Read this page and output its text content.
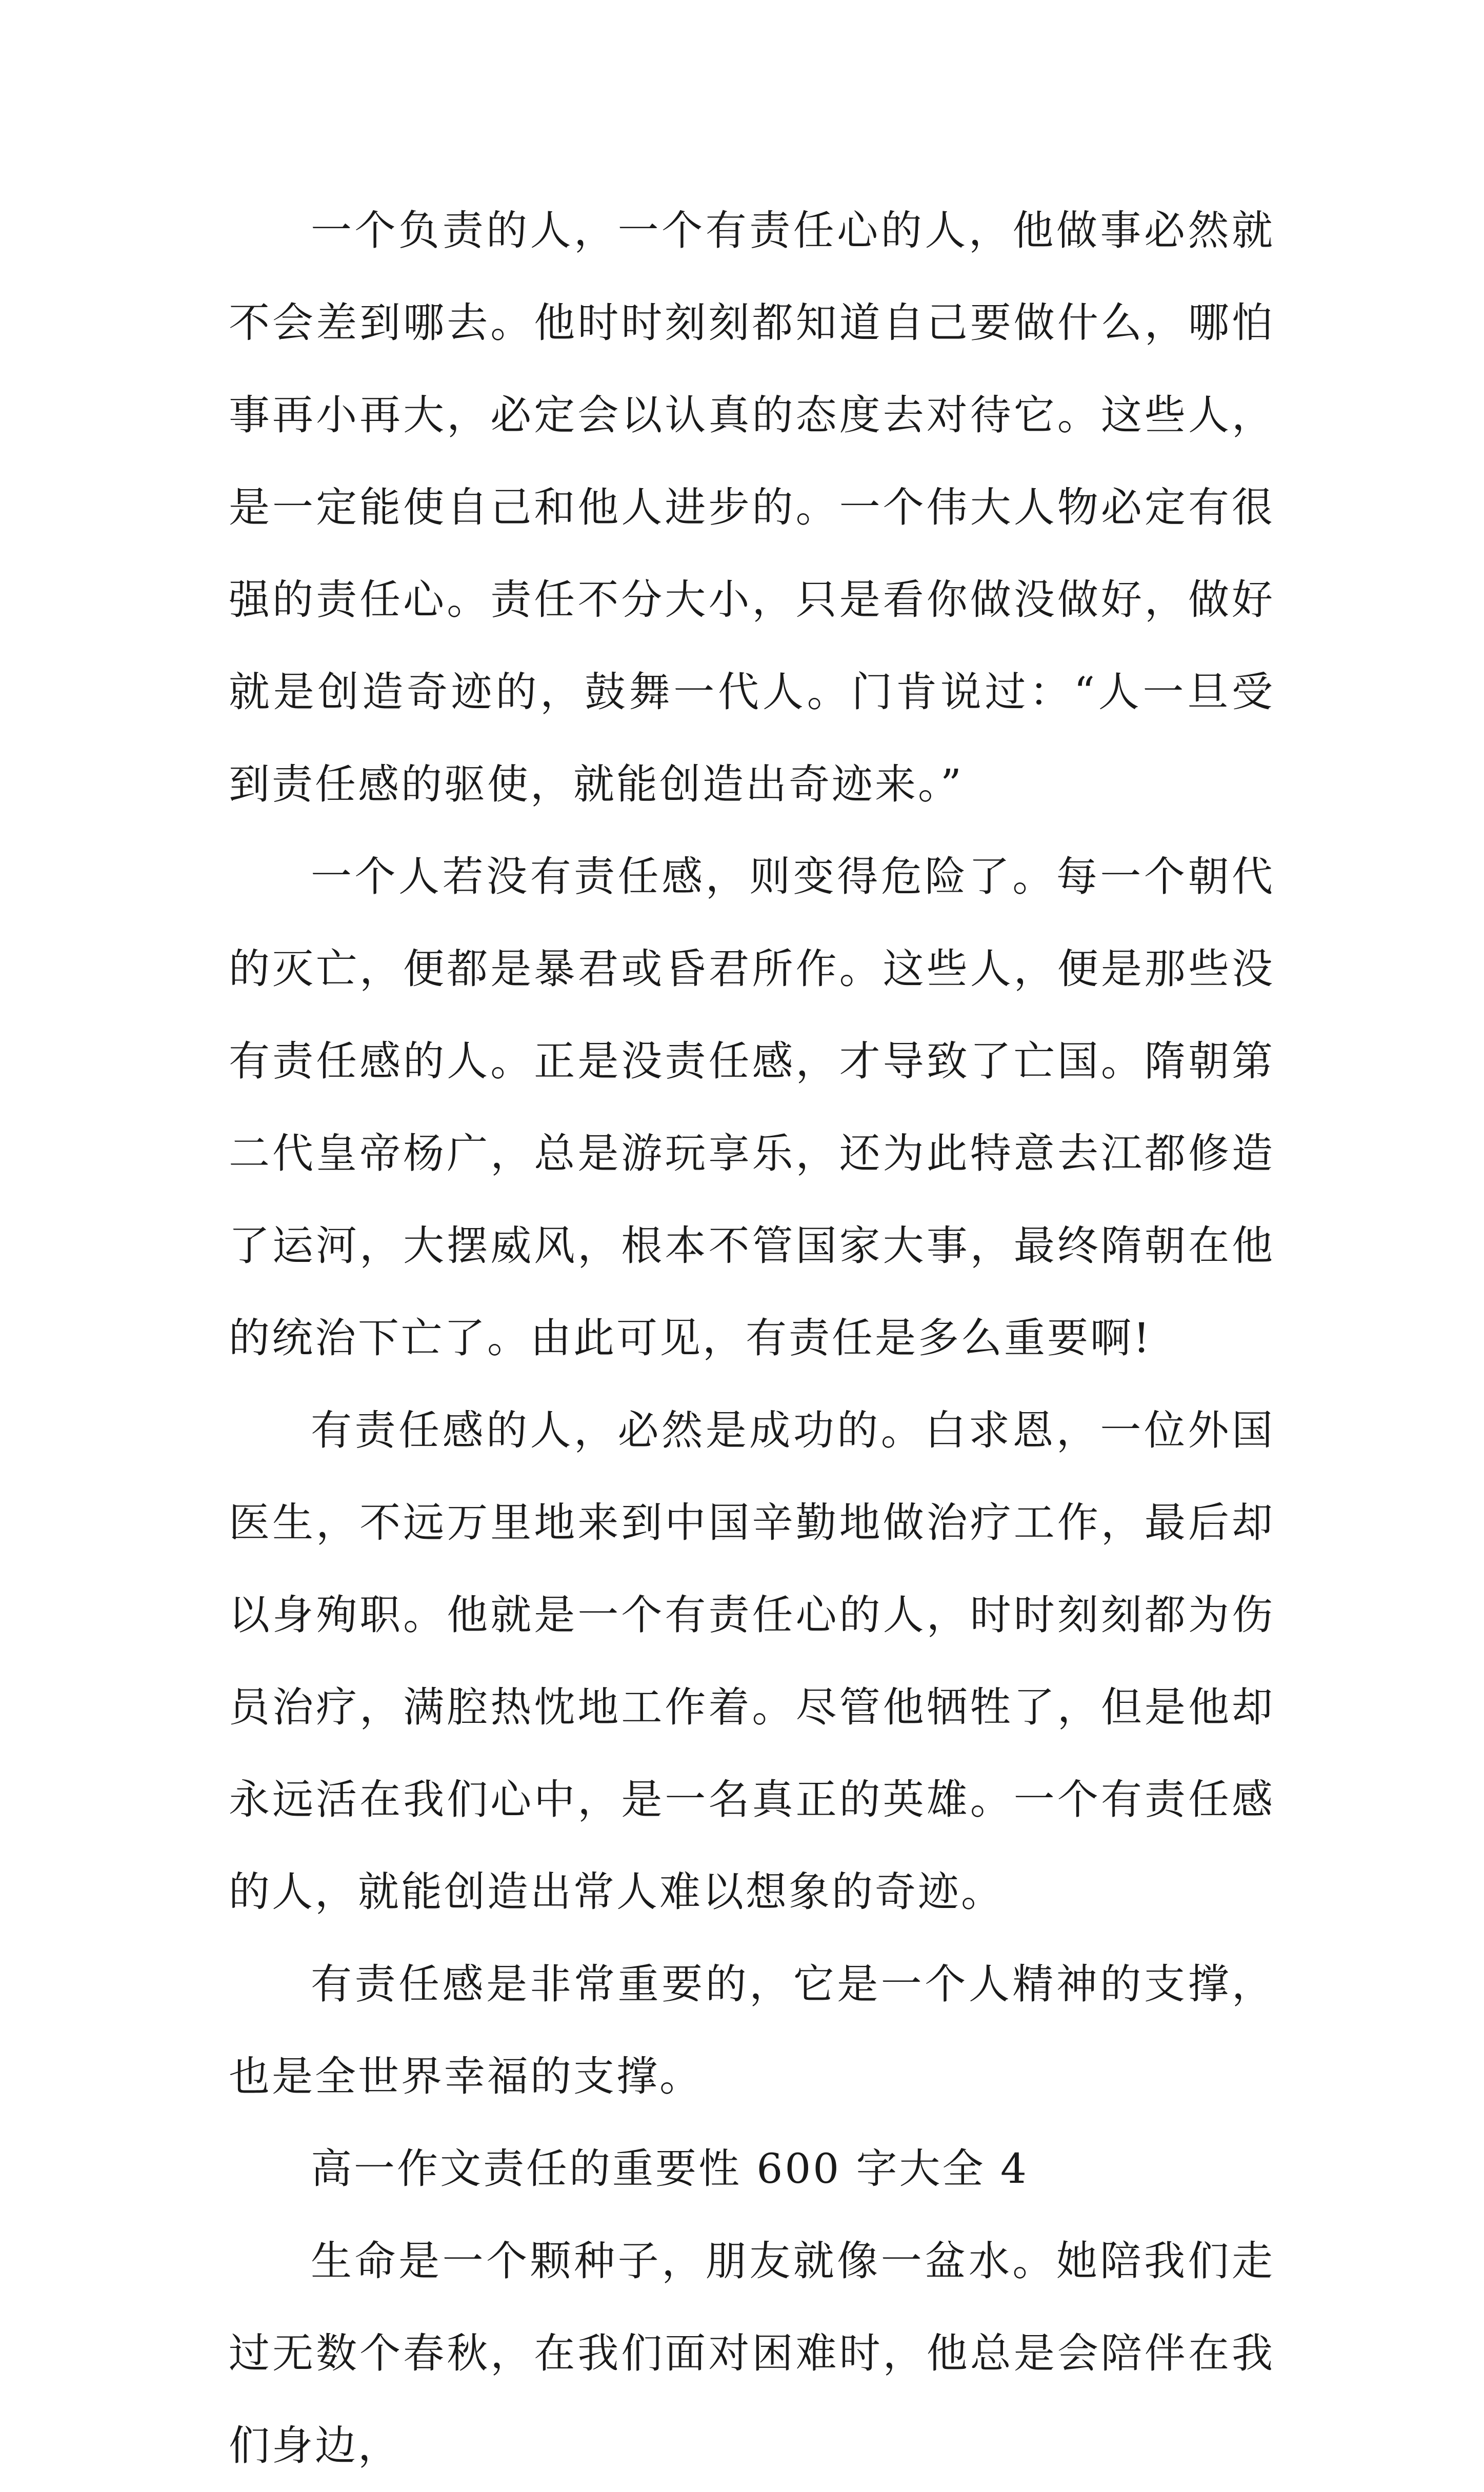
一个负责的人，一个有责任心的人，他做事必然就不会差到哪去。他时时刻刻都知道自己要做什么，哪怕事再小再大，必定会以认真的态度去对待它。这些人，是一定能使自己和他人进步的。一个伟大人物必定有很强的责任心。责任不分大小，只是看你做没做好，做好就是创造奇迹的，鼓舞一代人。门肯说过：“人一旦受到责任感的驱使，就能创造出奇迹来。”

一个人若没有责任感，则变得危险了。每一个朝代的灭亡，便都是暴君或昏君所作。这些人，便是那些没有责任感的人。正是没责任感，才导致了亡国。隋朝第二代皇帝杨广，总是游玩享乐，还为此特意去江都修造了运河，大摆威风，根本不管国家大事，最终隋朝在他的统治下亡了。由此可见，有责任是多么重要啊!

有责任感的人，必然是成功的。白求恩，一位外国医生，不远万里地来到中国辛勤地做治疗工作，最后却以身殉职。他就是一个有责任心的人，时时刻刻都为伤员治疗，满腔热忱地工作着。尽管他牺牲了，但是他却永远活在我们心中，是一名真正的英雄。一个有责任感的人，就能创造出常人难以想象的奇迹。

有责任感是非常重要的，它是一个人精神的支撑，也是全世界幸福的支撑。

高一作文责任的重要性 600 字大全 4

生命是一个颗种子，朋友就像一盆水。她陪我们走过无数个春秋，在我们面对困难时，他总是会陪伴在我们身边，
